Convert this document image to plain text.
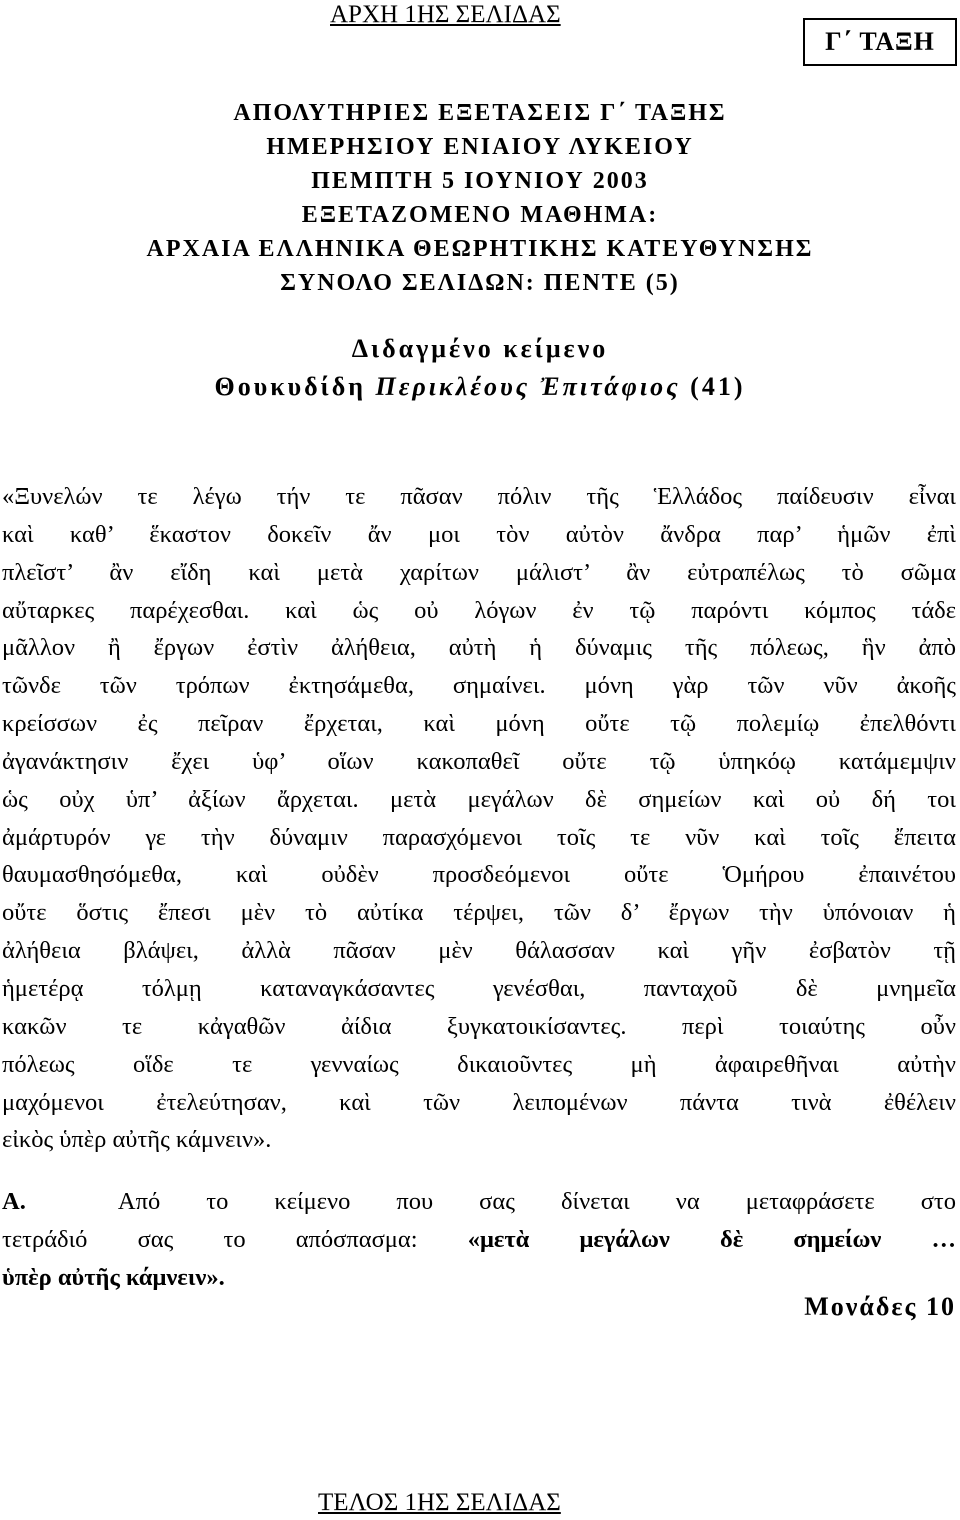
ΑΡΧΗ 1ΗΣ ΣΕΛΙΔΑΣ
Γ΄ ΤΑΞΗ
ΑΠΟΛΥΤΗΡΙΕΣ ΕΞΕΤΑΣΕΙΣ Γ΄ ΤΑΞΗΣ
ΗΜΕΡΗΣΙΟΥ ΕΝΙΑΙΟΥ ΛΥΚΕΙΟΥ
ΠΕΜΠΤΗ 5 ΙΟΥΝΙΟΥ 2003
ΕΞΕΤΑΖΟΜΕΝΟ ΜΑΘΗΜΑ:
ΑΡΧΑΙΑ ΕΛΛΗΝΙΚΑ ΘΕΩΡΗΤΙΚΗΣ ΚΑΤΕΥΘΥΝΣΗΣ
ΣΥΝΟΛΟ ΣΕΛΙΔΩΝ: ΠΕΝΤΕ (5)
Διδαγμένο κείμενο
Θουκυδίδη Περικλέους Ἐπιτάφιος (41)
«Ξυνελών τε λέγω τήν τε πᾶσαν πόλιν τῆς Ἑλλάδος παίδευσιν εἶναι
καὶ καθ’ ἕκαστον δοκεῖν ἄν μοι τὸν αὐτὸν ἄνδρα παρ’ ἡμῶν ἐπὶ
πλεῖστ’ ἂν εἴδη καὶ μετὰ χαρίτων μάλιστ’ ἂν εὐτραπέλως τὸ σῶμα
αὔταρκες παρέχεσθαι. καὶ ὡς οὐ λόγων ἐν τῷ παρόντι κόμπος τάδε
μᾶλλον ἢ ἔργων ἐστὶν ἀλήθεια, αὐτὴ ἡ δύναμις τῆς πόλεως, ἣν ἀπὸ
τῶνδε τῶν τρόπων ἐκτησάμεθα, σημαίνει. μόνη γὰρ τῶν νῦν ἀκοῆς
κρείσσων ἐς πεῖραν ἔρχεται, καὶ μόνη οὔτε τῷ πολεμίῳ ἐπελθόντι
ἀγανάκτησιν ἔχει ὑφ’ οἵων κακοπαθεῖ οὔτε τῷ ὑπηκόῳ κατάμεμψιν
ὡς οὐχ ὑπ’ ἀξίων ἄρχεται. μετὰ μεγάλων δὲ σημείων καὶ οὐ δή τοι
ἀμάρτυρόν γε τὴν δύναμιν παρασχόμενοι τοῖς τε νῦν καὶ τοῖς ἔπειτα
θαυμασθησόμεθα, καὶ οὐδὲν προσδεόμενοι οὔτε Ὁμήρου ἐπαινέτου
οὔτε ὅστις ἔπεσι μὲν τὸ αὐτίκα τέρψει, τῶν δ’ ἔργων τὴν ὑπόνοιαν ἡ
ἀλήθεια βλάψει, ἀλλὰ πᾶσαν μὲν θάλασσαν καὶ γῆν ἐσβατὸν τῇ
ἡμετέρᾳ τόλμῃ καταναγκάσαντες γενέσθαι, πανταχοῦ δὲ μνημεῖα
κακῶν τε κἀγαθῶν ἀίδια ξυγκατοικίσαντες. περὶ τοιαύτης οὖν
πόλεως οἵδε τε γενναίως δικαιοῦντες μὴ ἀφαιρεθῆναι αὐτὴν
μαχόμενοι ἐτελεύτησαν, καὶ τῶν λειπομένων πάντα τινὰ ἐθέλειν
εἰκὸς ὑπὲρ αὐτῆς κάμνειν».
Α.	Από το κείμενο που σας δίνεται να μεταφράσετε στο
τετράδιό σας το απόσπασμα: «μετὰ μεγάλων δὲ σημείων …
ὑπὲρ αὐτῆς κάμνειν».
Μονάδες 10
ΤΕΛΟΣ 1ΗΣ ΣΕΛΙΔΑΣ
